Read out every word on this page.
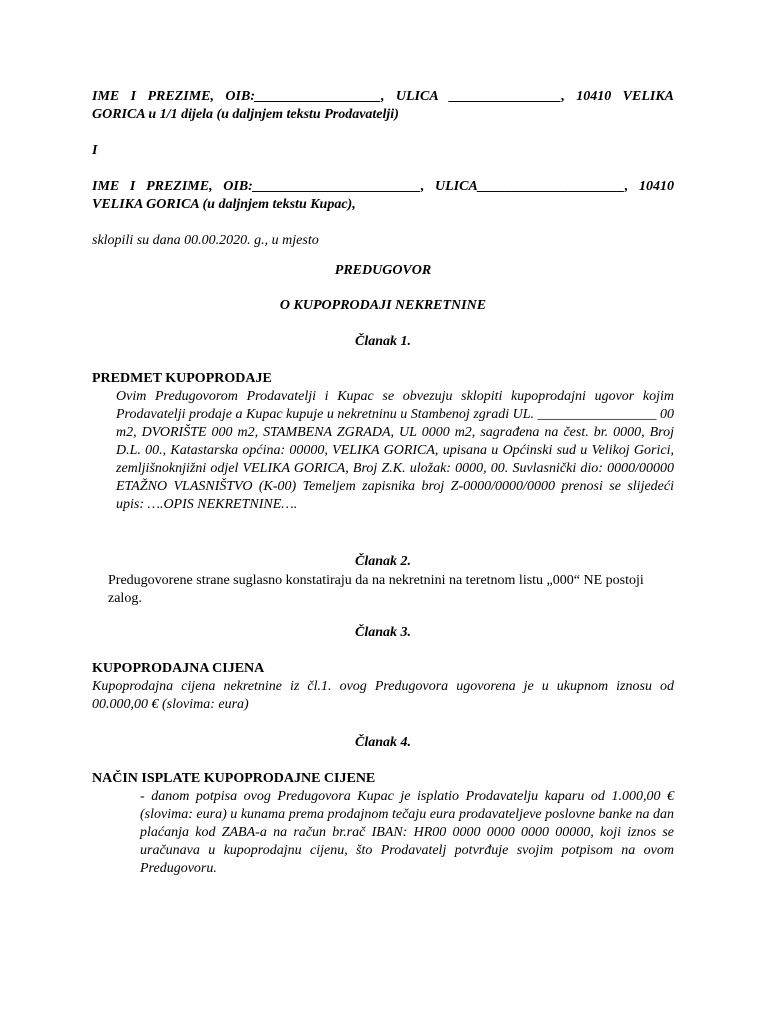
IME I PREZIME, OIB:__________________, ULICA ________________, 10410 VELIKA

GORICA u 1/1 dijela (u daljnjem tekstu Prodavatelji)

I

IME I PREZIME, OIB:________________________, ULICA_____________________, 10410

VELIKA GORICA (u daljnjem tekstu Kupac),

sklopili su dana 00.00.2020. g., u mjesto

PREDUGOVOR

O KUPOPRODAJI NEKRETNINE

Članak 1.

PREDMET KUPOPRODAJE

Ovim Predugovorom Prodavatelji i Kupac se obvezuju sklopiti kupoprodajni ugovor kojim Prodavatelji prodaje a Kupac kupuje u nekretninu u Stambenoj zgradi UL. _________________ 00 m2, DVORIŠTE 000 m2, STAMBENA ZGRADA, UL 0000 m2, sagrađena na čest. br. 0000, Broj D.L. 00., Katastarska općina: 00000, VELIKA GORICA, upisana u Općinski sud u Velikoj Gorici, zemljišnoknjižni odjel VELIKA GORICA, Broj Z.K. uložak: 0000, 00. Suvlasnički dio: 0000/00000 ETAŽNO VLASNIŠTVO (K-00) Temeljem zapisnika broj Z-0000/0000/0000 prenosi se slijedeći upis: ….OPIS NEKRETNINE….

Članak 2.

Predugovorene strane suglasno konstatiraju da na nekretnini na teretnom listu „000“ NE postoji zalog.

Članak 3.

KUPOPRODAJNA CIJENA

Kupoprodajna cijena nekretnine iz čl.1. ovog Predugovora ugovorena je u ukupnom iznosu od 00.000,00 € (slovima: eura)

Članak 4.

NAČIN ISPLATE KUPOPRODAJNE CIJENE

- danom potpisa ovog Predugovora Kupac je isplatio Prodavatelju kaparu od 1.000,00 € (slovima: eura) u kunama prema prodajnom tečaju eura prodavateljeve poslovne banke na dan plaćanja kod ZABA-a na račun br.rač IBAN: HR00 0000 0000 0000 00000, koji iznos se uračunava u kupoprodajnu cijenu, što Prodavatelj potvrđuje svojim potpisom na ovom Predugovoru.
